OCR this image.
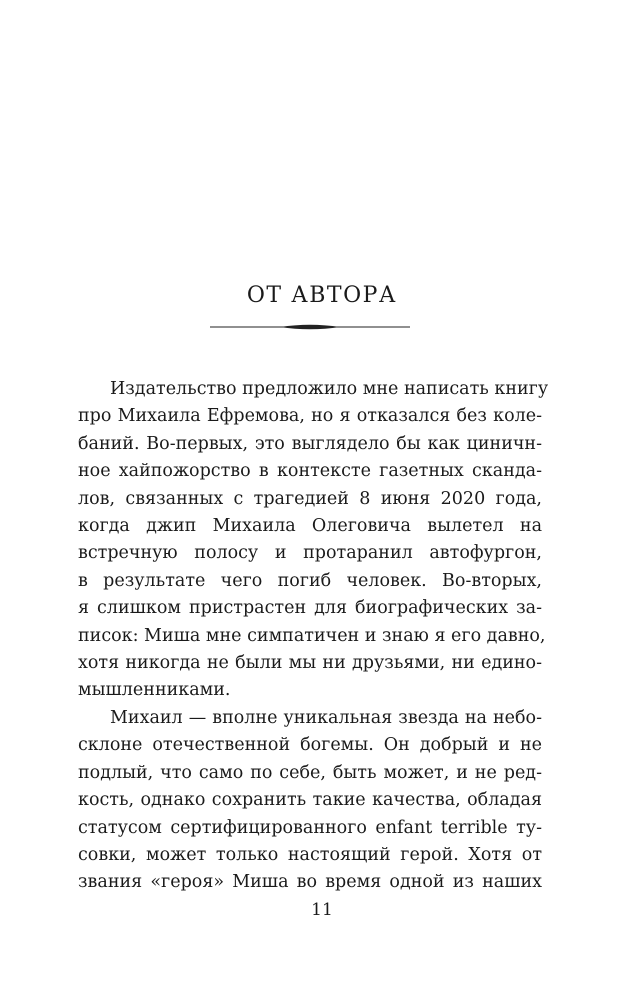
ОТ АВТОРА
Издательство предложило мне написать книгу
про Михаила Ефремова, но я отказался без коле-
баний. Во-первых, это выглядело бы как циничн-
ное хайпожорство в контексте газетных скандa-
лов, связанных с трагедией 8 июня 2020 года,
когда джип Михаила Олеговича вылетел на
встречную полосу и протаранил автофургон,
в результате чего погиб человек. Во-вторых,
я слишком пристрастен для биографических за-
писок: Миша мне симпатичен и знаю я его давно,
хотя никогда не были мы ни друзьями, ни едино-
мышленниками.
Михаил — вполне уникальная звезда на небо-
склоне отечественной богемы. Он добрый и не
подлый, что само по себе, быть может, и не ред-
кость, однако сохранить такие качества, обладая
статусом сертифицированного enfant terrible ту-
совки, может только настоящий герой. Хотя от
звания «героя» Миша во время одной из наших
11
